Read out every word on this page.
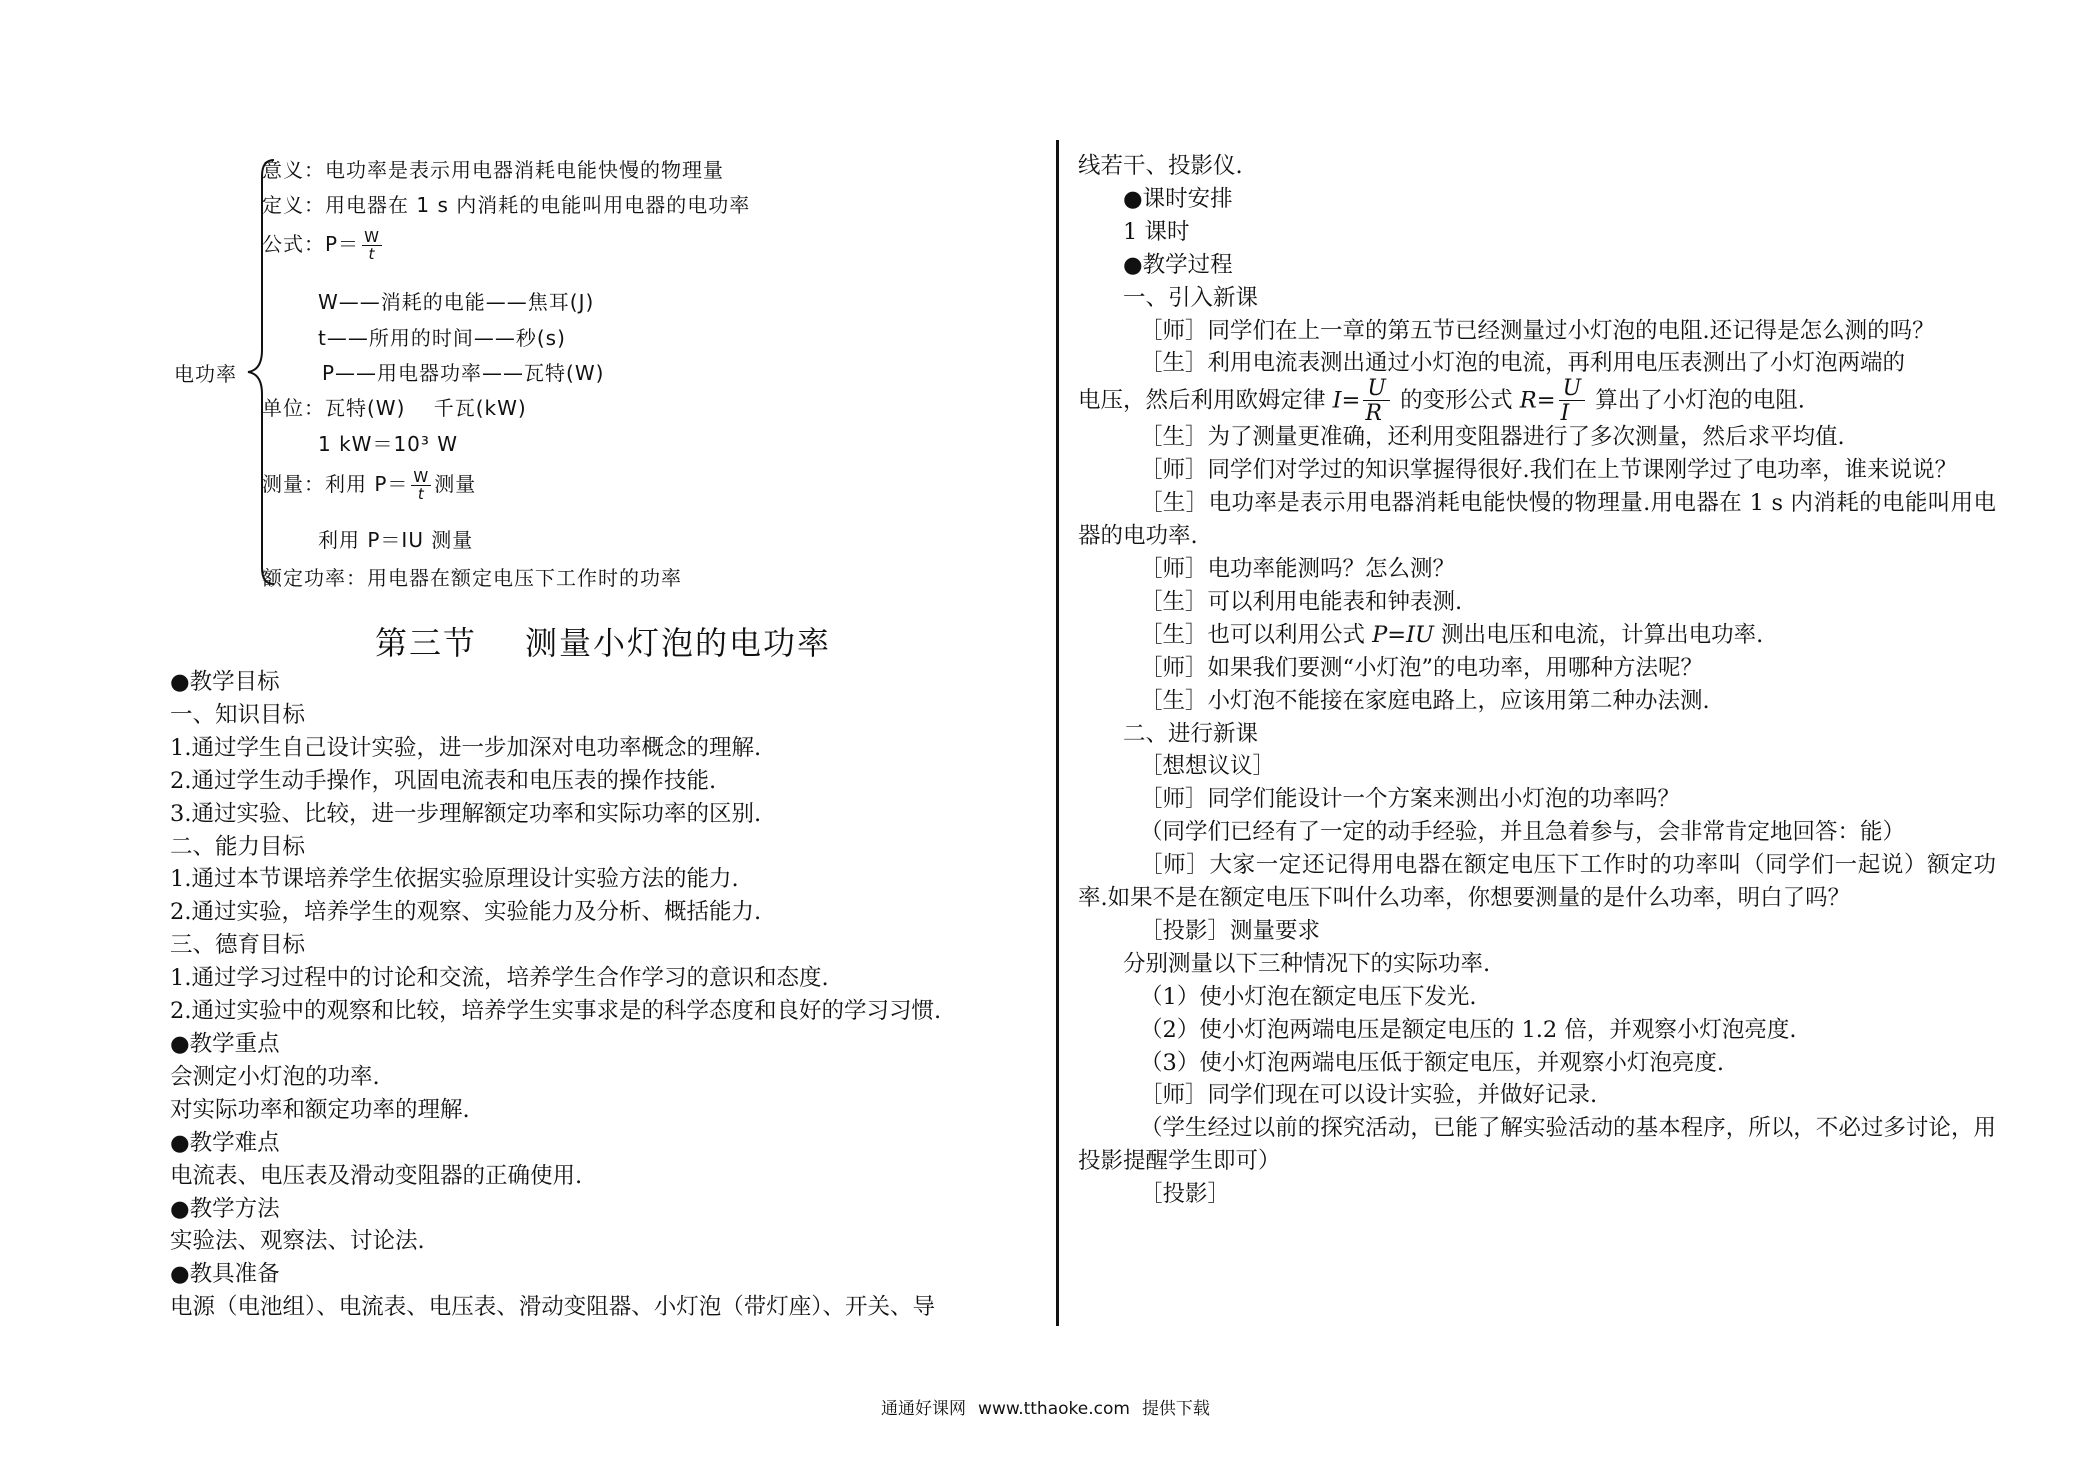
电功率
意义：电功率是表示用电器消耗电能快慢的物理量
定义：用电器在 1 s 内消耗的电能叫用电器的电功率
公式：$P= \frac{W}{t}$
W——消耗的电能——焦耳(J)
t——所用的时间——秒(s)
P——用电器功率——瓦特(W)
单位：瓦特(W)　 千瓦(kW)
1 kW＝10³ W
测量：利用 $P= \frac{W}{t}$ 测量
利用 P＝IU 测量
额定功率：用电器在额定电压下工作时的功率
第三节 测量小灯泡的电功率
●教学目标
一、知识目标
1.通过学生自己设计实验，进一步加深对电功率概念的理解.
2.通过学生动手操作，巩固电流表和电压表的操作技能.
3.通过实验、比较，进一步理解额定功率和实际功率的区别.
二、能力目标
1.通过本节课培养学生依据实验原理设计实验方法的能力.
2.通过实验，培养学生的观察、实验能力及分析、概括能力.
三、德育目标
1.通过学习过程中的讨论和交流，培养学生合作学习的意识和态度.
2.通过实验中的观察和比较，培养学生实事求是的科学态度和良好的学习习惯.
●教学重点
会测定小灯泡的功率.
对实际功率和额定功率的理解.
●教学难点
电流表、电压表及滑动变阻器的正确使用.
●教学方法
实验法、观察法、讨论法.
●教具准备
电源（电池组）、电流表、电压表、滑动变阻器、小灯泡（带灯座）、开关、导
线若干、投影仪.
●课时安排
1 课时
●教学过程
一、引入新课
［师］同学们在上一章的第五节已经测量过小灯泡的电阻.还记得是怎么测的吗？
［生］利用电流表测出通过小灯泡的电流，再利用电压表测出了小灯泡两端的
电压，然后利用欧姆定律 $I= \frac{U}{R}$ 的变形公式 $R= \frac{U}{I}$ 算出了小灯泡的电阻.
［生］为了测量更准确，还利用变阻器进行了多次测量，然后求平均值.
［师］同学们对学过的知识掌握得很好.我们在上节课刚学过了电功率，谁来说说？
［生］电功率是表示用电器消耗电能快慢的物理量.用电器在 1 s 内消耗的电能叫用电器的电功率.
［师］电功率能测吗？怎么测？
［生］可以利用电能表和钟表测.
［生］也可以利用公式 P=IU 测出电压和电流，计算出电功率.
［师］如果我们要测“小灯泡”的电功率，用哪种方法呢？
［生］小灯泡不能接在家庭电路上，应该用第二种办法测.
二、进行新课
［想想议议］
［师］同学们能设计一个方案来测出小灯泡的功率吗？
（同学们已经有了一定的动手经验，并且急着参与，会非常肯定地回答：能）
［师］大家一定还记得用电器在额定电压下工作时的功率叫（同学们一起说）额定功率.如果不是在额定电压下叫什么功率，你想要测量的是什么功率，明白了吗？
［投影］测量要求
分别测量以下三种情况下的实际功率.
（1）使小灯泡在额定电压下发光.
（2）使小灯泡两端电压是额定电压的 1.2 倍，并观察小灯泡亮度.
（3）使小灯泡两端电压低于额定电压，并观察小灯泡亮度.
［师］同学们现在可以设计实验，并做好记录.
（学生经过以前的探究活动，已能了解实验活动的基本程序，所以，不必过多讨论，用投影提醒学生即可）
［投影］
通通好课网 www.tthaoke.com 提供下载
